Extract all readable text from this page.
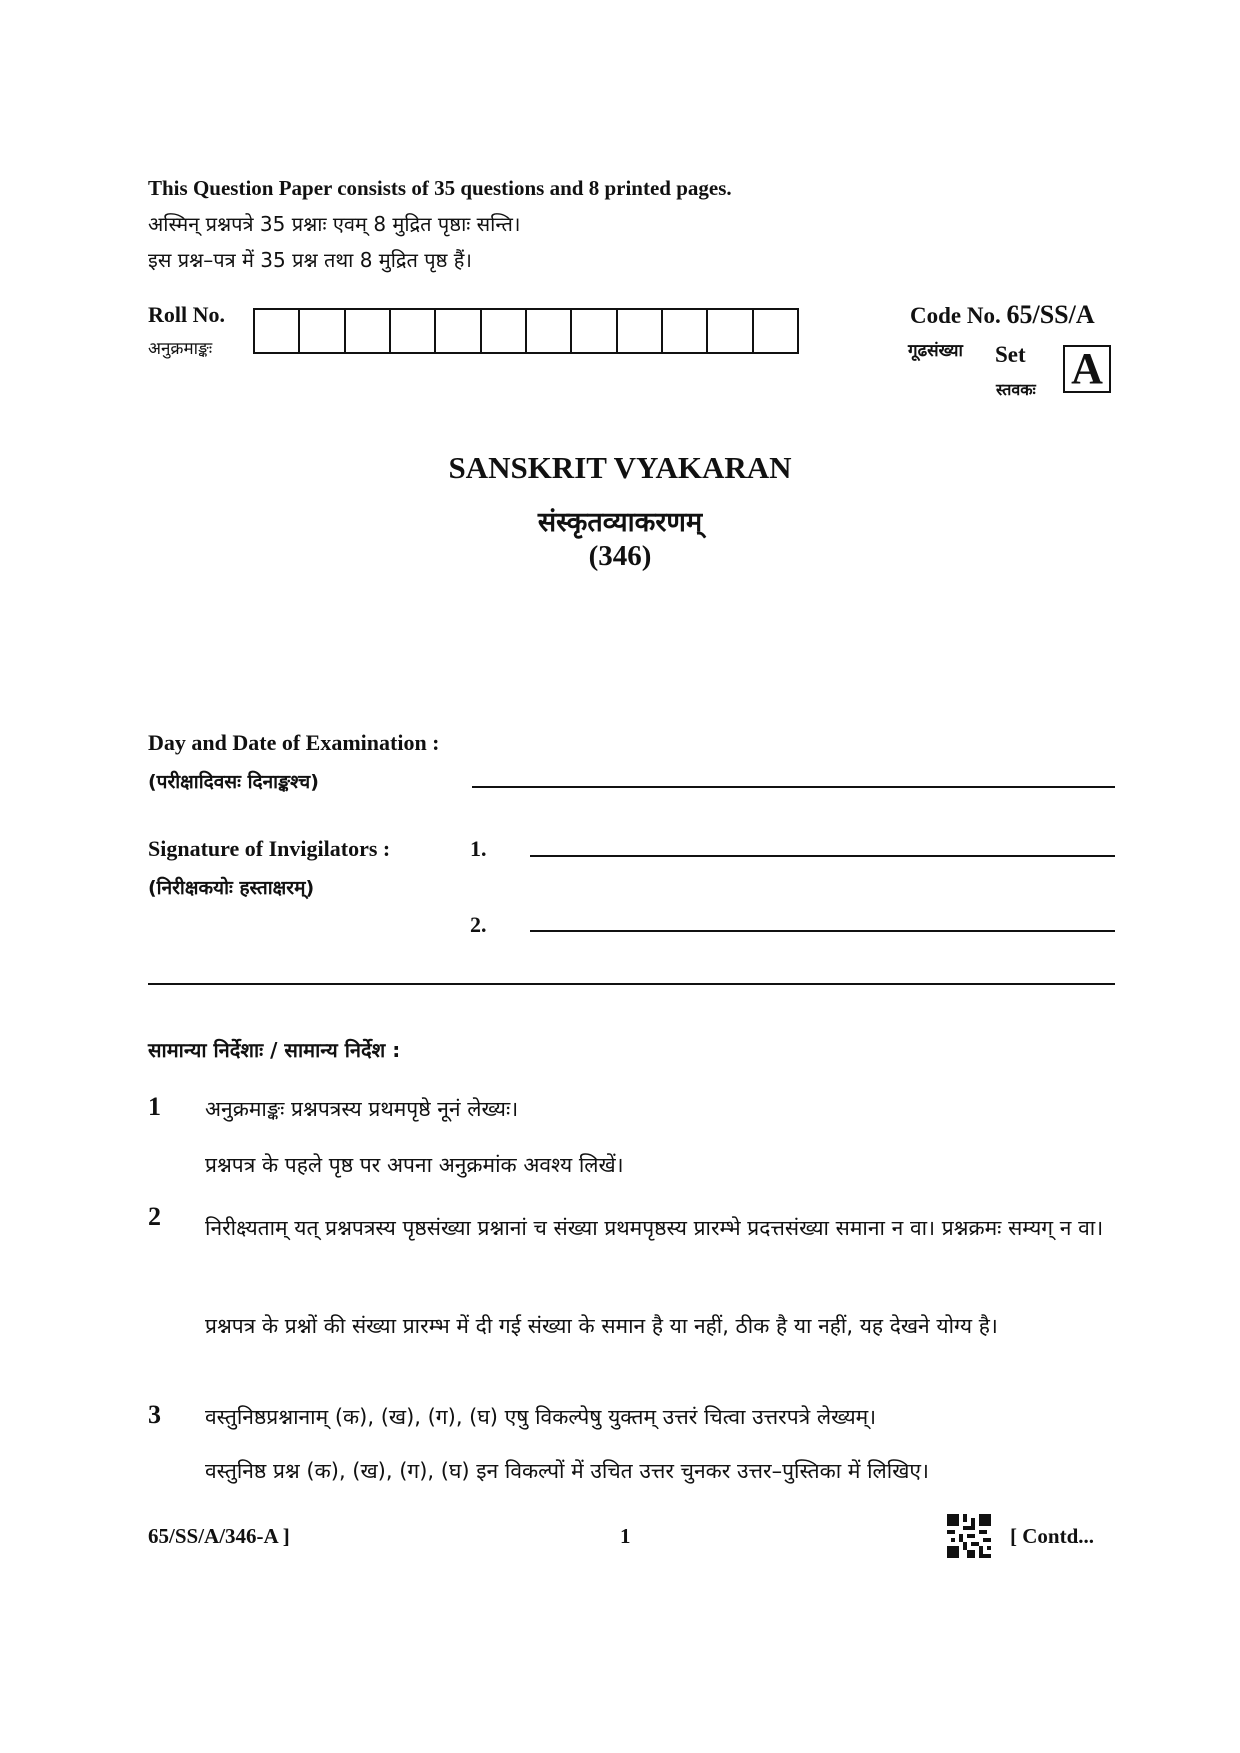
This Question Paper consists of 35 questions and 8 printed pages.
अस्मिन् प्रश्नपत्रे 35 प्रश्नाः एवम् 8 मुद्रित पृष्ठाः सन्ति।
इस प्रश्न–पत्र में 35 प्रश्न तथा 8 मुद्रित पृष्ठ हैं।
Roll No.
अनुक्रमाङ्कः
Code No. 65/SS/A
गूढसंख्या Set
स्तवकः A
SANSKRIT VYAKARAN
संस्कृतव्याकरणम्
(346)
Day and Date of Examination :
(परीक्षादिवसः दिनाङ्कश्च)
Signature of Invigilators :
(निरीक्षकयोः हस्ताक्षरम्)
1.
2.
सामान्या निर्देशाः / सामान्य निर्देश :
1 अनुक्रमाङ्कः प्रश्नपत्रस्य प्रथमपृष्ठे नूनं लेख्यः।
प्रश्नपत्र के पहले पृष्ठ पर अपना अनुक्रमांक अवश्य लिखें।
2 निरीक्ष्यताम् यत् प्रश्नपत्रस्य पृष्ठसंख्या प्रश्नानां च संख्या प्रथमपृष्ठस्य प्रारम्भे प्रदत्तसंख्या समाना न वा। प्रश्नक्रमः सम्यग् न वा।
प्रश्नपत्र के प्रश्नों की संख्या प्रारम्भ में दी गई संख्या के समान है या नहीं, ठीक है या नहीं, यह देखने योग्य है।
3 वस्तुनिष्ठप्रश्नानाम् (क), (ख), (ग), (घ) एषु विकल्पेषु युक्तम् उत्तरं चित्वा उत्तरपत्रे लेख्यम्।
वस्तुनिष्ठ प्रश्न (क), (ख), (ग), (घ) इन विकल्पों में उचित उत्तर चुनकर उत्तर–पुस्तिका में लिखिए।
65/SS/A/346-A ]	1	[ Contd...
